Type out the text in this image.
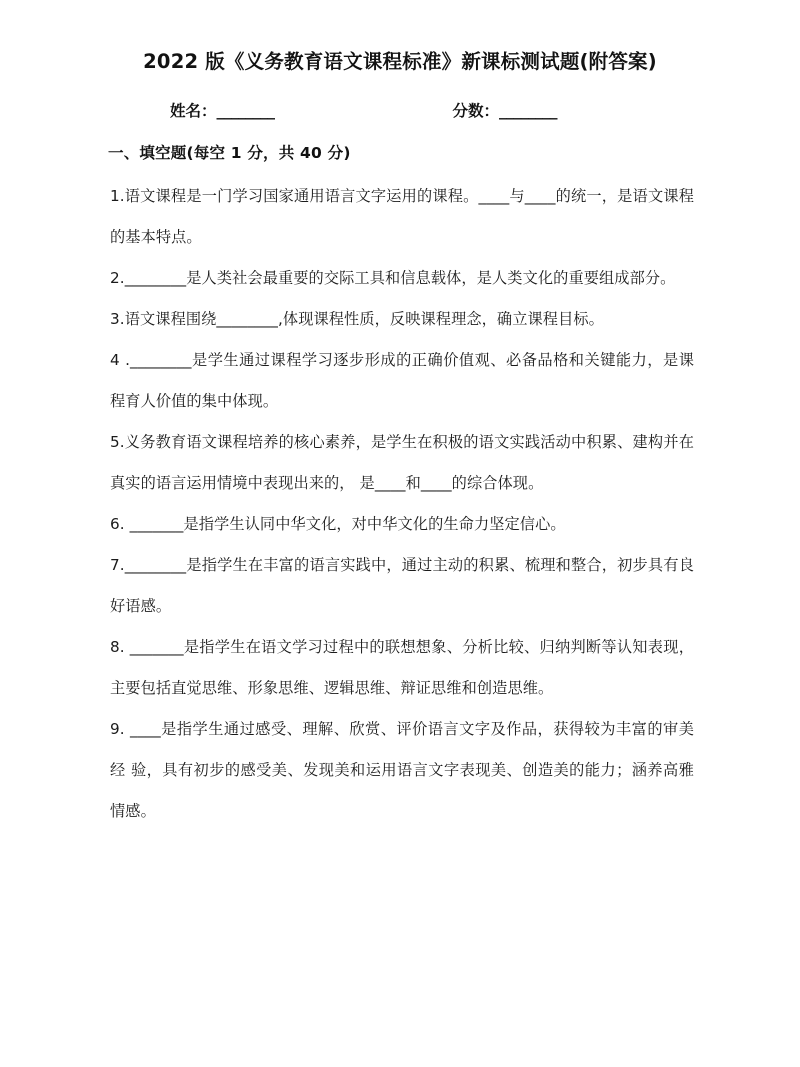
2022 版《义务教育语文课程标准》新课标测试题(附答案)
姓名：________	分数：________
一、填空题(每空 1 分，共 40 分)

1.语文课程是一门学习国家通用语言文字运用的课程。____与____的统一，是语文课程的基本特点。

2.________是人类社会最重要的交际工具和信息载体，是人类文化的重要组成部分。

3.语文课程围绕________,体现课程性质，反映课程理念，确立课程目标。

4 .________是学生通过课程学习逐步形成的正确价值观、必备品格和关键能力，是课程育人价值的集中体现。

5.义务教育语文课程培养的核心素养，是学生在积极的语文实践活动中积累、建构并在真实的语言运用情境中表现出来的， 是____和____的综合体现。

6. _______是指学生认同中华文化，对中华文化的生命力坚定信心。

7.________是指学生在丰富的语言实践中，通过主动的积累、梳理和整合，初步具有良 好语感。

8. _______是指学生在语文学习过程中的联想想象、分析比较、归纳判断等认知表现，主要包括直觉思维、形象思维、逻辑思维、辩证思维和创造思维。

9. ____是指学生通过感受、理解、欣赏、评价语言文字及作品，获得较为丰富的审美经 验，具有初步的感受美、发现美和运用语言文字表现美、创造美的能力；涵养高雅情感。
